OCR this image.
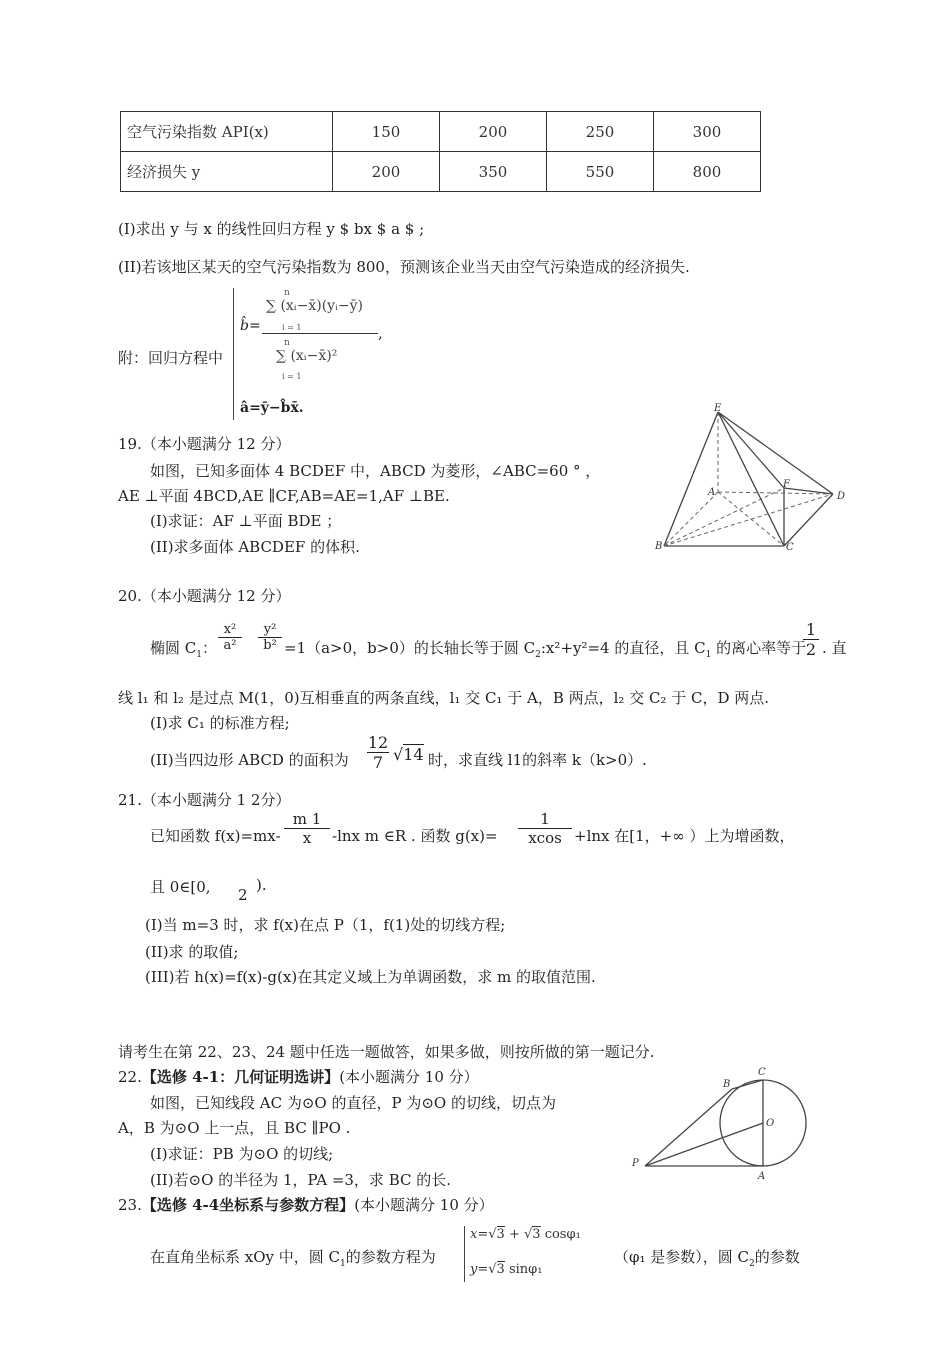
空气污染指数 API(x)	150	200	250	300
经济损失 y	200	350	550	800
(I)求出 y 与 x 的线性回归方程 y $ bx $ a $ ;
(II)若该地区某天的空气污染指数为 800，预测该企业当天由空气污染造成的经济损失.
附：回归方程中
b̂=
n
i = 1
∑ (xᵢ−x̄)(yᵢ−ȳ)
,
n
i = 1
∑ (xᵢ−x̄)²
â=ȳ−b̂x̄.
19.（本小题满分 12 分）
如图，已知多面体 4 BCDEF 中，ABCD 为菱形，∠ABC=60 ° ，
AE ⊥平面 4BCD,AE ∥CF,AB=AE=1,AF ⊥BE.
(I)求证：AF ⊥平面 BDE ；
(II)求多面体 ABCDEF 的体积.
E
A
F
D
B	C
20.（本小题满分 12 分）
椭圆 $C_1$： $\frac{\text{x²}}{\text{a²}} \frac{\text{y²}}{\text{b²}} =1(a>0$，b>0）的长轴长等于圆 $C_2:x^2+y^2=4$ 的直径，且 $C_1$ 的离心率等于
$\frac{1}{2}$ . 直
线 l₁ 和 l₂ 是过点 M(1，0)互相垂直的两条直线，l₁ 交 C₁ 于 A，B 两点，l₂ 交 C₂ 于 C，D 两点.
(I)求 C₁ 的标准方程;
(II)当四边形 ABCD 的面积为 $\frac{12}{7} √14$ 时，求直线 l1的斜率 k（k>0）.
21.（本小题满分 1 2分）
已知函数 $f(x)=mx- \frac{m 1}{x} -\ln x$ m ∈R . 函数 $g(x)= \frac{1}{xcos} +\ln x$ 在[1，+∞ ）上为增函数，
且 0∈[0, 2
).
(I)当 m=3 时，求 f(x)在点 P（1，f(1)处的切线方程;
(II)求 的取值;
(III)若 h(x)=f(x)-g(x)在其定义域上为单调函数，求 m 的取值范围.
请考生在第 22、23、24 题中任选一题做答，如果多做，则按所做的第一题记分.
22.【选修 4-1：几何证明选讲】(本小题满分 10 分）
如图，已知线段 AC 为⊙O 的直径，P 为⊙O 的切线，切点为
A，B 为⊙O 上一点，且 BC ∥PO .
(I)求证：PB 为⊙O 的切线;
(II)若⊙O 的半径为 1，PA =3，求 BC 的长.
B
C
O
P
A
23.【选修 4-4坐标系与参数方程】(本小题满分 10 分）
在直角坐标系 xOy 中，圆 $C_1$的参数方程为
x=√3 + √3 cosφ₁
y=√3 sinφ₁
（φ₁ 是参数），圆 $C_2$的参数
